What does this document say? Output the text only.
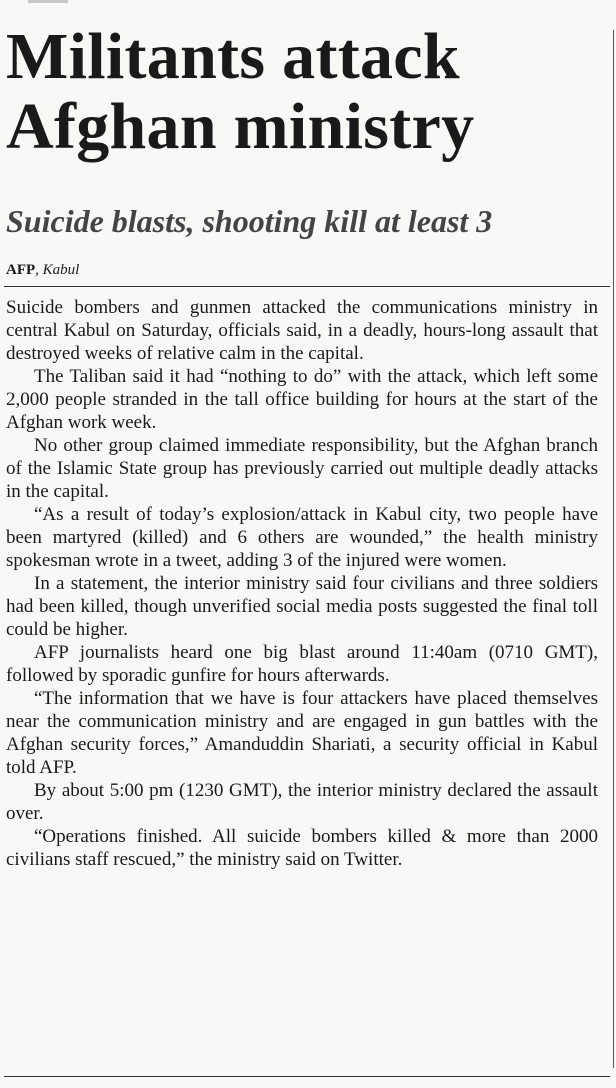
Militants attack
Afghan ministry
Suicide blasts, shooting kill at least 3
AFP, Kabul

Suicide bombers and gunmen attacked the communications ministry in central Kabul on Saturday, officials said, in a deadly, hours-long assault that destroyed weeks of relative calm in the capital.

The Taliban said it had “nothing to do” with the attack, which left some 2,000 people stranded in the tall office building for hours at the start of the Afghan work week.

No other group claimed immediate responsibility, but the Afghan branch of the Islamic State group has previously carried out multiple deadly attacks in the capital.

“As a result of today’s explosion/attack in Kabul city, two people have been martyred (killed) and 6 others are wounded,” the health ministry spokesman wrote in a tweet, adding 3 of the injured were women.

In a statement, the interior ministry said four civilians and three soldiers had been killed, though unverified social media posts suggested the final toll could be higher.

AFP journalists heard one big blast around 11:40am (0710 GMT), followed by sporadic gunfire for hours afterwards.

“The information that we have is four attackers have placed themselves near the communication ministry and are engaged in gun battles with the Afghan security forces,” Amanduddin Shariati, a security official in Kabul told AFP.

By about 5:00 pm (1230 GMT), the interior ministry declared the assault over.

“Operations finished. All suicide bombers killed & more than 2000 civilians staff rescued,” the ministry said on Twitter.
